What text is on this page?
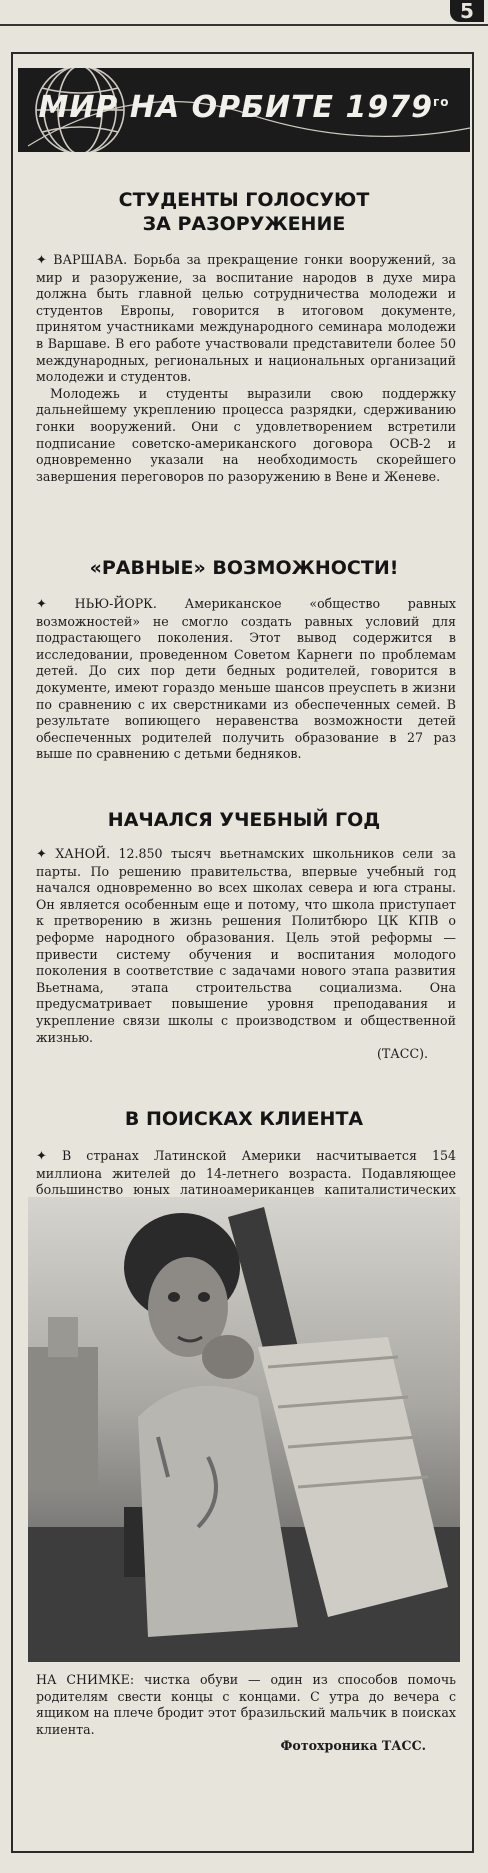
5
МИР НА ОРБИТЕ $1979^{го}$
СТУДЕНТЫ ГОЛОСУЮТ
ЗА РАЗОРУЖЕНИЕ

✦ ВАРШАВА. Борьба за прекращение гонки вооружений, за мир и разоружение, за воспитание народов в духе мира должна быть главной целью сотрудничества молодежи и студентов Европы, говорится в итоговом документе, принятом участниками международного семинара молодежи в Варшаве. В его работе участвовали представители более 50 международных, региональных и национальных организаций молодежи и студентов.

Молодежь и студенты выразили свою поддержку дальнейшему укреплению процесса разрядки, сдерживанию гонки вооружений. Они с удовлетворением встретили подписание советско-американского договора ОСВ-2 и одновременно указали на необходимость скорейшего завершения переговоров по разоружению в Вене и Женеве.

«РАВНЫЕ» ВОЗМОЖНОСТИ!

✦ НЬЮ-ЙОРК. Американское «общество равных возможностей» не смогло создать равных условий для подрастающего поколения. Этот вывод содержится в исследовании, проведенном Советом Карнеги по проблемам детей. До сих пор дети бедных родителей, говорится в документе, имеют гораздо меньше шансов преуспеть в жизни по сравнению с их сверстниками из обеспеченных семей. В результате вопиющего неравенства возможности детей обеспеченных родителей получить образование в 27 раз выше по сравнению с детьми бедняков.

НАЧАЛСЯ УЧЕБНЫЙ ГОД

✦ ХАНОЙ. 12.850 тысяч вьетнамских школьников сели за парты. По решению правительства, впервые учебный год начался одновременно во всех школах севера и юга страны. Он является особенным еще и потому, что школа приступает к претворению в жизнь решения Политбюро ЦК КПВ о реформе народного образования. Цель этой реформы — привести систему обучения и воспитания молодого поколения в соответствие с задачами нового этапа развития Вьетнама, этапа строительства социализма. Она предусматривает повышение уровня преподавания и укрепление связи школы с производством и общественной жизнью.

(ТАСС).

В ПОИСКАХ КЛИЕНТА

✦ В странах Латинской Америки насчитывается 154 миллиона жителей до 14-летнего возраста. Подавляющее большинство юных латиноамериканцев капиталистических

НА СНИМКЕ: чистка обуви — один из способов помочь родителям свести концы с концами. С утра до вечера с ящиком на плече бродит этот бразильский мальчик в поисках клиента.

Фотохроника ТАСС.
